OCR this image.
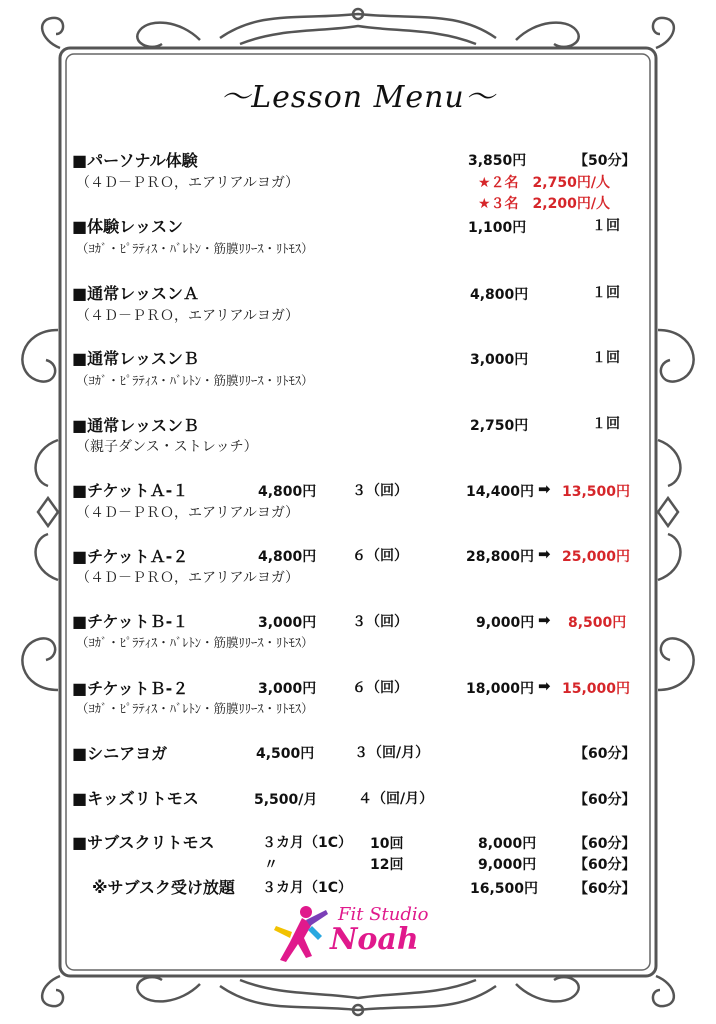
〜Lesson Menu〜
■パーソナル体験	3,850円	【50分】
（４Ｄ－ＰＲＯ，エアリアルヨガ）	★２名　2,750円/人
★３名　2,200円/人
■体験レッスン	1,100円	１回
（ﾖｶﾞ・ﾋﾟﾗﾃｨｽ・ﾊﾞﾚﾄﾝ・筋膜ﾘﾘｰｽ・ﾘﾄﾓｽ）
■通常レッスンＡ	4,800円	１回
（４Ｄ－ＰＲＯ，エアリアルヨガ）
■通常レッスンＢ	3,000円	１回
（ﾖｶﾞ・ﾋﾟﾗﾃｨｽ・ﾊﾞﾚﾄﾝ・筋膜ﾘﾘｰｽ・ﾘﾄﾓｽ）
■通常レッスンＢ	2,750円	１回
（親子ダンス・ストレッチ）
■チケットＡ-１	4,800円	３（回）	14,400円 ➡ 13,500円
（４Ｄ－ＰＲＯ，エアリアルヨガ）
■チケットＡ-２	4,800円	６（回）	28,800円 ➡ 25,000円
（４Ｄ－ＰＲＯ，エアリアルヨガ）
■チケットＢ-１	3,000円	３（回）	9,000円 ➡ 8,500円
（ﾖｶﾞ・ﾋﾟﾗﾃｨｽ・ﾊﾞﾚﾄﾝ・筋膜ﾘﾘｰｽ・ﾘﾄﾓｽ）
■チケットＢ-２	3,000円	６（回）	18,000円 ➡ 15,000円
（ﾖｶﾞ・ﾋﾟﾗﾃｨｽ・ﾊﾞﾚﾄﾝ・筋膜ﾘﾘｰｽ・ﾘﾄﾓｽ）
■シニアヨガ	4,500円	３（回/月）	【60分】
■キッズリトモス	5,500/月	４（回/月）	【60分】
■サブスクリトモス	３カ月（1C） 10回	8,000円	【60分】
〃	12回	9,000円	【60分】
※サブスク受け放題 ３カ月（1C）	16,500円	【60分】
Fit Studio
Noah
